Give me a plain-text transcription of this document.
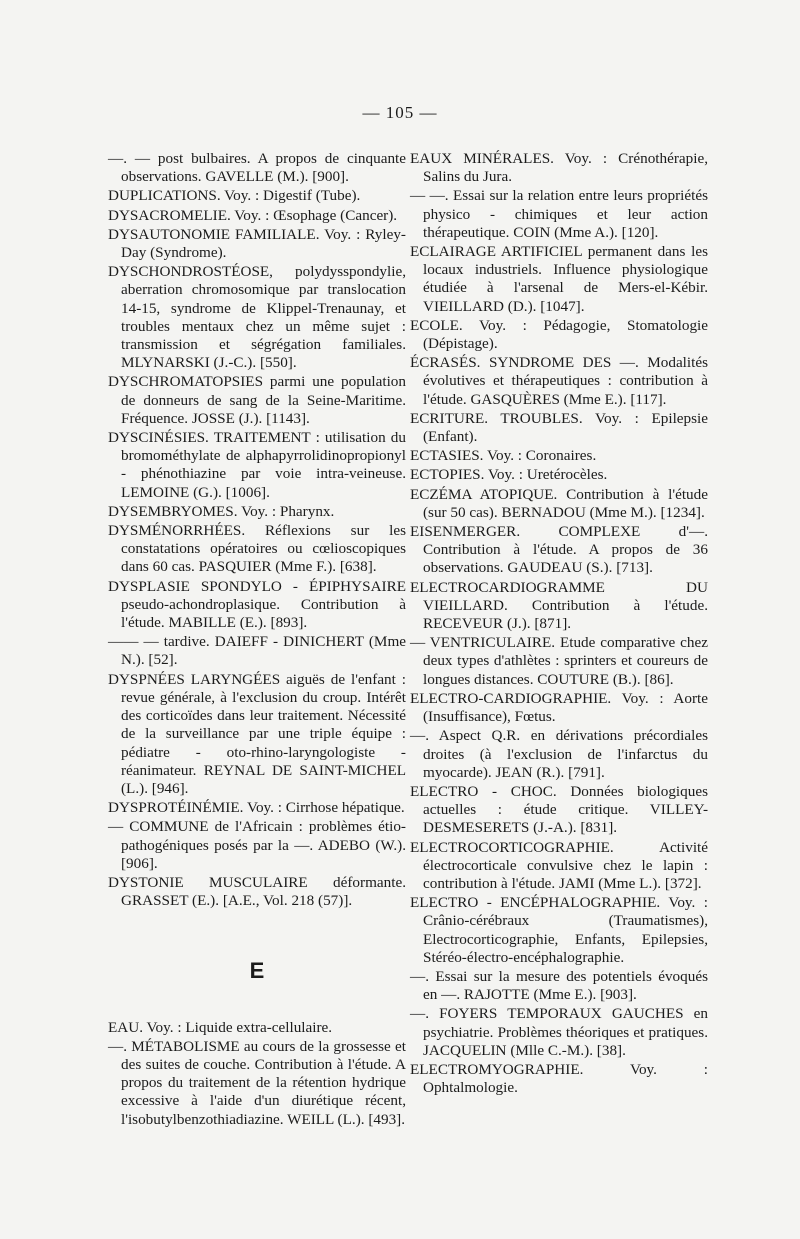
— 105 —

—. — post bulbaires. A propos de cinquante observations. GAVELLE (M.). [900].

DUPLICATIONS. Voy. : Digestif (Tube).

DYSACROMELIE. Voy. : Œsophage (Cancer).

DYSAUTONOMIE FAMILIALE. Voy. : Ryley-Day (Syndrome).

DYSCHONDROSTÉOSE, polydysspondylie, aberration chromosomique par translocation 14-15, syndrome de Klippel-Trenaunay, et troubles mentaux chez un même sujet : transmission et ségrégation familiales. MLYNARSKI (J.-C.). [550].

DYSCHROMATOPSIES parmi une population de donneurs de sang de la Seine-Maritime. Fréquence. JOSSE (J.). [1143].

DYSCINÉSIES. TRAITEMENT : utilisation du bromométhylate de alphapyrrolidinopropionyl - phénothiazine par voie intra-veineuse. LEMOINE (G.). [1006].

DYSEMBRYOMES. Voy. : Pharynx.

DYSMÉNORRHÉES. Réflexions sur les constatations opératoires ou cœlioscopiques dans 60 cas. PASQUIER (Mme F.). [638].

DYSPLASIE SPONDYLO - ÉPIPHYSAIRE pseudo-achondroplasique. Contribution à l'étude. MABILLE (E.). [893].

—— — tardive. DAIEFF - DINICHERT (Mme N.). [52].

DYSPNÉES LARYNGÉES aiguës de l'enfant : revue générale, à l'exclusion du croup. Intérêt des corticoïdes dans leur traitement. Nécessité de la surveillance par une triple équipe : pédiatre - oto-rhino-laryngologiste - réanimateur. REYNAL DE SAINT-MICHEL (L.). [946].

DYSPROTÉINÉMIE. Voy. : Cirrhose hépatique.

— COMMUNE de l'Africain : problèmes étio-pathogéniques posés par la —. ADEBO (W.). [906].

DYSTONIE MUSCULAIRE déformante. GRASSET (E.). [A.E., Vol. 218 (57)].

E

EAU. Voy. : Liquide extra-cellulaire.

—. MÉTABOLISME au cours de la grossesse et des suites de couche. Contribution à l'étude. A propos du traitement de la rétention hydrique excessive à l'aide d'un diurétique récent, l'isobutylbenzothiadiazine. WEILL (L.). [493].

EAUX MINÉRALES. Voy. : Crénothérapie, Salins du Jura.

— —. Essai sur la relation entre leurs propriétés physico - chimiques et leur action thérapeutique. COIN (Mme A.). [120].

ECLAIRAGE ARTIFICIEL permanent dans les locaux industriels. Influence physiologique étudiée à l'arsenal de Mers-el-Kébir. VIEILLARD (D.). [1047].

ECOLE. Voy. : Pédagogie, Stomatologie (Dépistage).

ÉCRASÉS. SYNDROME DES —. Modalités évolutives et thérapeutiques : contribution à l'étude. GASQUÈRES (Mme E.). [117].

ECRITURE. TROUBLES. Voy. : Epilepsie (Enfant).

ECTASIES. Voy. : Coronaires.

ECTOPIES. Voy. : Uretérocèles.

ECZÉMA ATOPIQUE. Contribution à l'étude (sur 50 cas). BERNADOU (Mme M.). [1234].

EISENMERGER. COMPLEXE d'—. Contribution à l'étude. A propos de 36 observations. GAUDEAU (S.). [713].

ELECTROCARDIOGRAMME DU VIEILLARD. Contribution à l'étude. RECEVEUR (J.). [871].

— VENTRICULAIRE. Etude comparative chez deux types d'athlètes : sprinters et coureurs de longues distances. COUTURE (B.). [86].

ELECTRO-CARDIOGRAPHIE. Voy. : Aorte (Insuffisance), Fœtus.

—. Aspect Q.R. en dérivations précordiales droites (à l'exclusion de l'infarctus du myocarde). JEAN (R.). [791].

ELECTRO - CHOC. Données biologiques actuelles : étude critique. VILLEY-DESMESERETS (J.-A.). [831].

ELECTROCORTICOGRAPHIE. Activité électrocorticale convulsive chez le lapin : contribution à l'étude. JAMI (Mme L.). [372].

ELECTRO - ENCÉPHALOGRAPHIE. Voy. : Crânio-cérébraux (Traumatismes), Electrocorticographie, Enfants, Epilepsies, Stéréo-électro-encéphalographie.

—. Essai sur la mesure des potentiels évoqués en —. RAJOTTE (Mme E.). [903].

—. FOYERS TEMPORAUX GAUCHES en psychiatrie. Problèmes théoriques et pratiques. JACQUELIN (Mlle C.-M.). [38].

ELECTROMYOGRAPHIE. Voy. : Ophtalmologie.
